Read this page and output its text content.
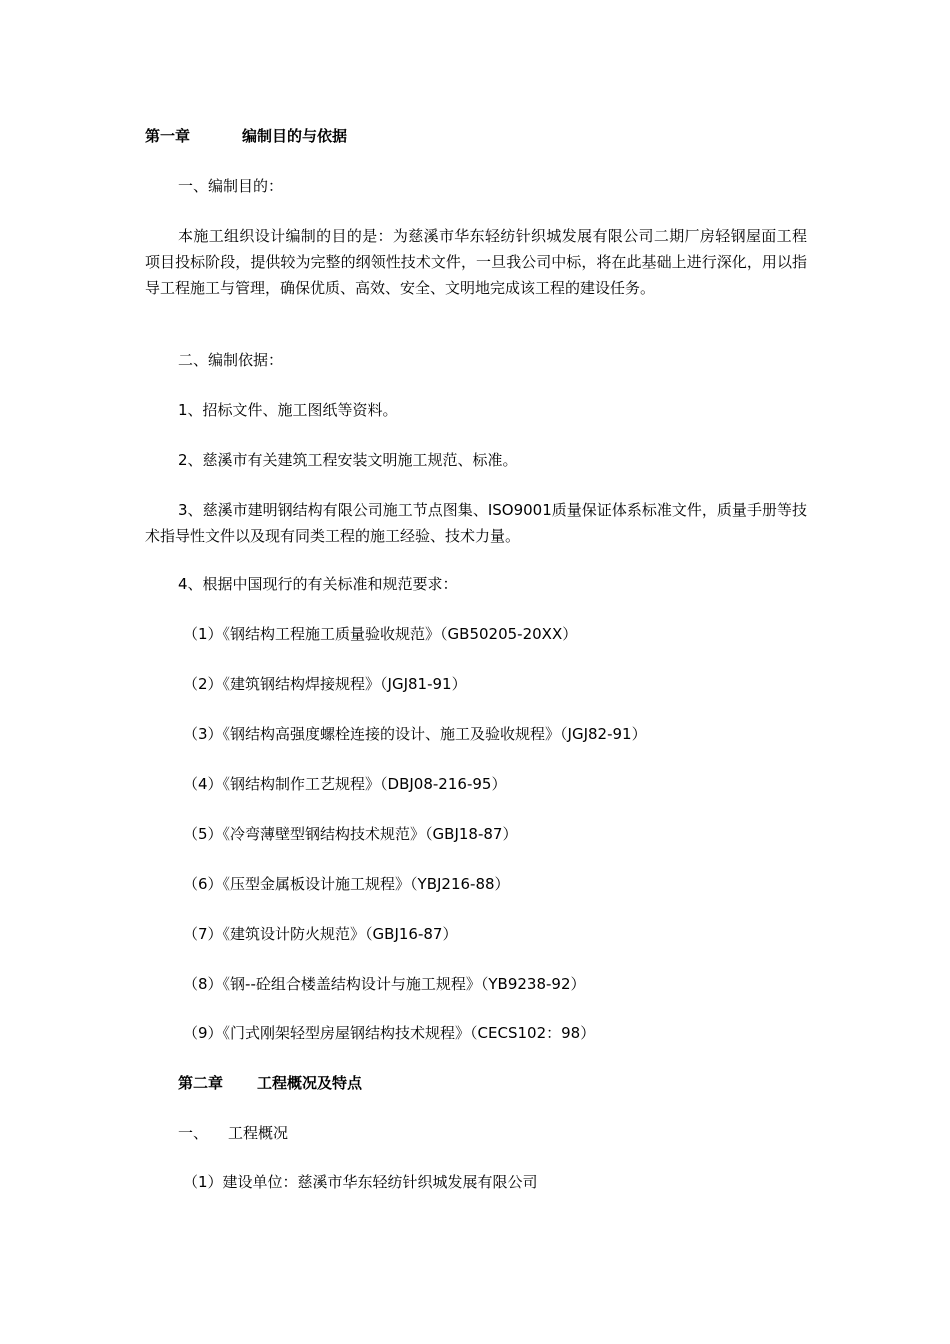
第一章	编制目的与依据
一、编制目的：
本施工组织设计编制的目的是：为慈溪市华东轻纺针织城发展有限公司二期厂房轻钢屋面工程项目投标阶段，提供较为完整的纲领性技术文件，一旦我公司中标，将在此基础上进行深化，用以指导工程施工与管理，确保优质、高效、安全、文明地完成该工程的建设任务。
二、编制依据：
1、招标文件、施工图纸等资料。
2、慈溪市有关建筑工程安装文明施工规范、标准。
3、慈溪市建明钢结构有限公司施工节点图集、ISO9001质量保证体系标准文件，质量手册等技术指导性文件以及现有同类工程的施工经验、技术力量。
4、根据中国现行的有关标准和规范要求：
（1）《钢结构工程施工质量验收规范》（GB50205-20XX）
（2）《建筑钢结构焊接规程》（JGJ81-91）
（3）《钢结构高强度螺栓连接的设计、施工及验收规程》（JGJ82-91）
（4）《钢结构制作工艺规程》（DBJ08-216-95）
（5）《冷弯薄壁型钢结构技术规范》（GBJ18-87）
（6）《压型金属板设计施工规程》（YBJ216-88）
（7）《建筑设计防火规范》（GBJ16-87）
（8）《钢--砼组合楼盖结构设计与施工规程》（YB9238-92）
（9）《门式刚架轻型房屋钢结构技术规程》（CECS102：98）
第二章 工程概况及特点
一、 工程概况
（1）建设单位：慈溪市华东轻纺针织城发展有限公司
